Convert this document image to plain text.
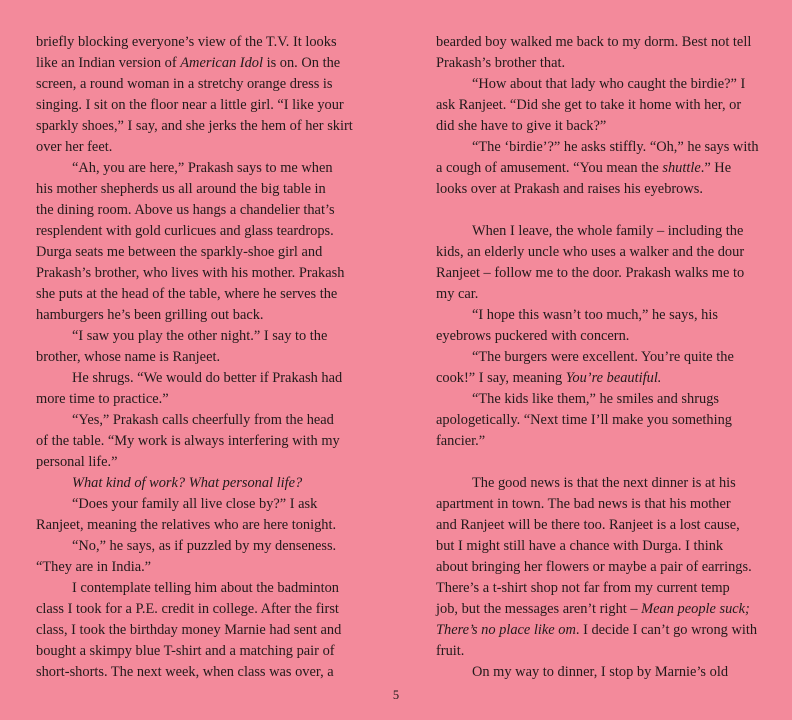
briefly blocking everyone’s view of the T.V. It looks
like an Indian version of American Idol is on. On the
screen, a round woman in a stretchy orange dress is
singing. I sit on the floor near a little girl. “I like your
sparkly shoes,” I say, and she jerks the hem of her skirt
over her feet.
“Ah, you are here,” Prakash says to me when
his mother shepherds us all around the big table in
the dining room. Above us hangs a chandelier that’s
resplendent with gold curlicues and glass teardrops.
Durga seats me between the sparkly-shoe girl and
Prakash’s brother, who lives with his mother. Prakash
she puts at the head of the table, where he serves the
hamburgers he’s been grilling out back.
“I saw you play the other night.” I say to the
brother, whose name is Ranjeet.
He shrugs. “We would do better if Prakash had
more time to practice.”
“Yes,” Prakash calls cheerfully from the head
of the table. “My work is always interfering with my
personal life.”
What kind of work? What personal life?
“Does your family all live close by?” I ask
Ranjeet, meaning the relatives who are here tonight.
“No,” he says, as if puzzled by my denseness.
“They are in India.”
I contemplate telling him about the badminton
class I took for a P.E. credit in college. After the first
class, I took the birthday money Marnie had sent and
bought a skimpy blue T-shirt and a matching pair of
short-shorts. The next week, when class was over, a
bearded boy walked me back to my dorm. Best not tell
Prakash’s brother that.
“How about that lady who caught the birdie?” I
ask Ranjeet. “Did she get to take it home with her, or
did she have to give it back?”
“The ‘birdie’?” he asks stiffly. “Oh,” he says with
a cough of amusement. “You mean the shuttle.” He
looks over at Prakash and raises his eyebrows.
When I leave, the whole family – including the
kids, an elderly uncle who uses a walker and the dour
Ranjeet – follow me to the door. Prakash walks me to
my car.
“I hope this wasn’t too much,” he says, his
eyebrows puckered with concern.
“The burgers were excellent. You’re quite the
cook!” I say, meaning You’re beautiful.
“The kids like them,” he smiles and shrugs
apologetically. “Next time I’ll make you something
fancier.”
The good news is that the next dinner is at his
apartment in town. The bad news is that his mother
and Ranjeet will be there too. Ranjeet is a lost cause,
but I might still have a chance with Durga. I think
about bringing her flowers or maybe a pair of earrings.
There’s a t-shirt shop not far from my current temp
job, but the messages aren’t right – Mean people suck;
There’s no place like om. I decide I can’t go wrong with
fruit.
On my way to dinner, I stop by Marnie’s old
5
